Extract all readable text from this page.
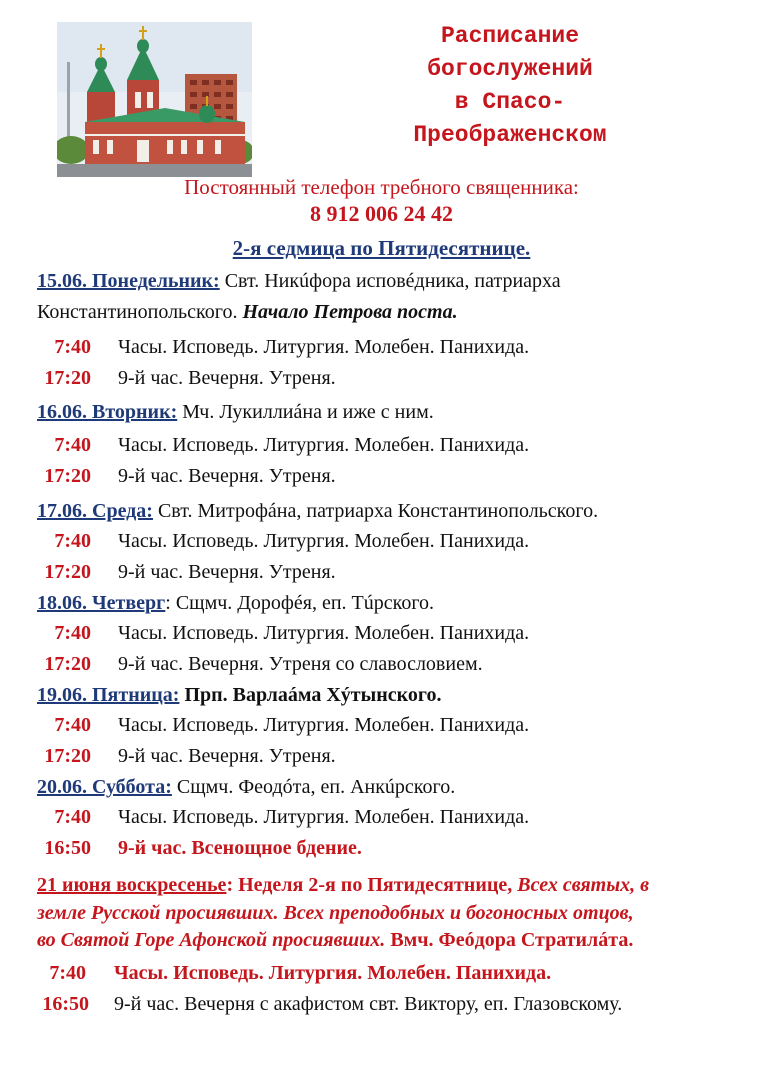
Расписание
богослужений
в Спасо-
Преображенском
Постоянный телефон требного священника:
8 912 006 24 42
2-я седмица по Пятидесятнице.
15.06. Понедельник: Свт. Никúфора исповéдника, патриарха
Константинопольского. Начало Петрова поста.
7:40 Часы. Исповедь. Литургия. Молебен. Панихида.
17:20 9-й час. Вечерня. Утреня.
16.06. Вторник: Мч. Лукиллиáна и иже с ним.
7:40 Часы. Исповедь. Литургия. Молебен. Панихида.
17:20 9-й час. Вечерня. Утреня.
17.06. Среда: Свт. Митрофáна, патриарха Константинопольского.
7:40 Часы. Исповедь. Литургия. Молебен. Панихида.
17:20 9-й час. Вечерня. Утреня.
18.06. Четверг: Сщмч. Дорофéя, еп. Тúрского.
7:40 Часы. Исповедь. Литургия. Молебен. Панихида.
17:20 9-й час. Вечерня. Утреня со славословием.
19.06. Пятница: Прп. Варлаáма Хýтынского.
7:40 Часы. Исповедь. Литургия. Молебен. Панихида.
17:20 9-й час. Вечерня. Утреня.
20.06. Суббота: Сщмч. Феодóта, еп. Анкúрского.
7:40 Часы. Исповедь. Литургия. Молебен. Панихида.
16:50 9-й час. Всенощное бдение.
21 июня воскресенье: Неделя 2-я по Пятидесятнице, Всех святых, в
земле Русской просиявших. Всех преподобных и богоносных отцов,
во Святой Горе Афонской просиявших. Вмч. Феóдора Стратилáта.
7:40 Часы. Исповедь. Литургия. Молебен. Панихида.
16:50 9-й час. Вечерня с акафистом свт. Виктору, еп. Глазовскому.
